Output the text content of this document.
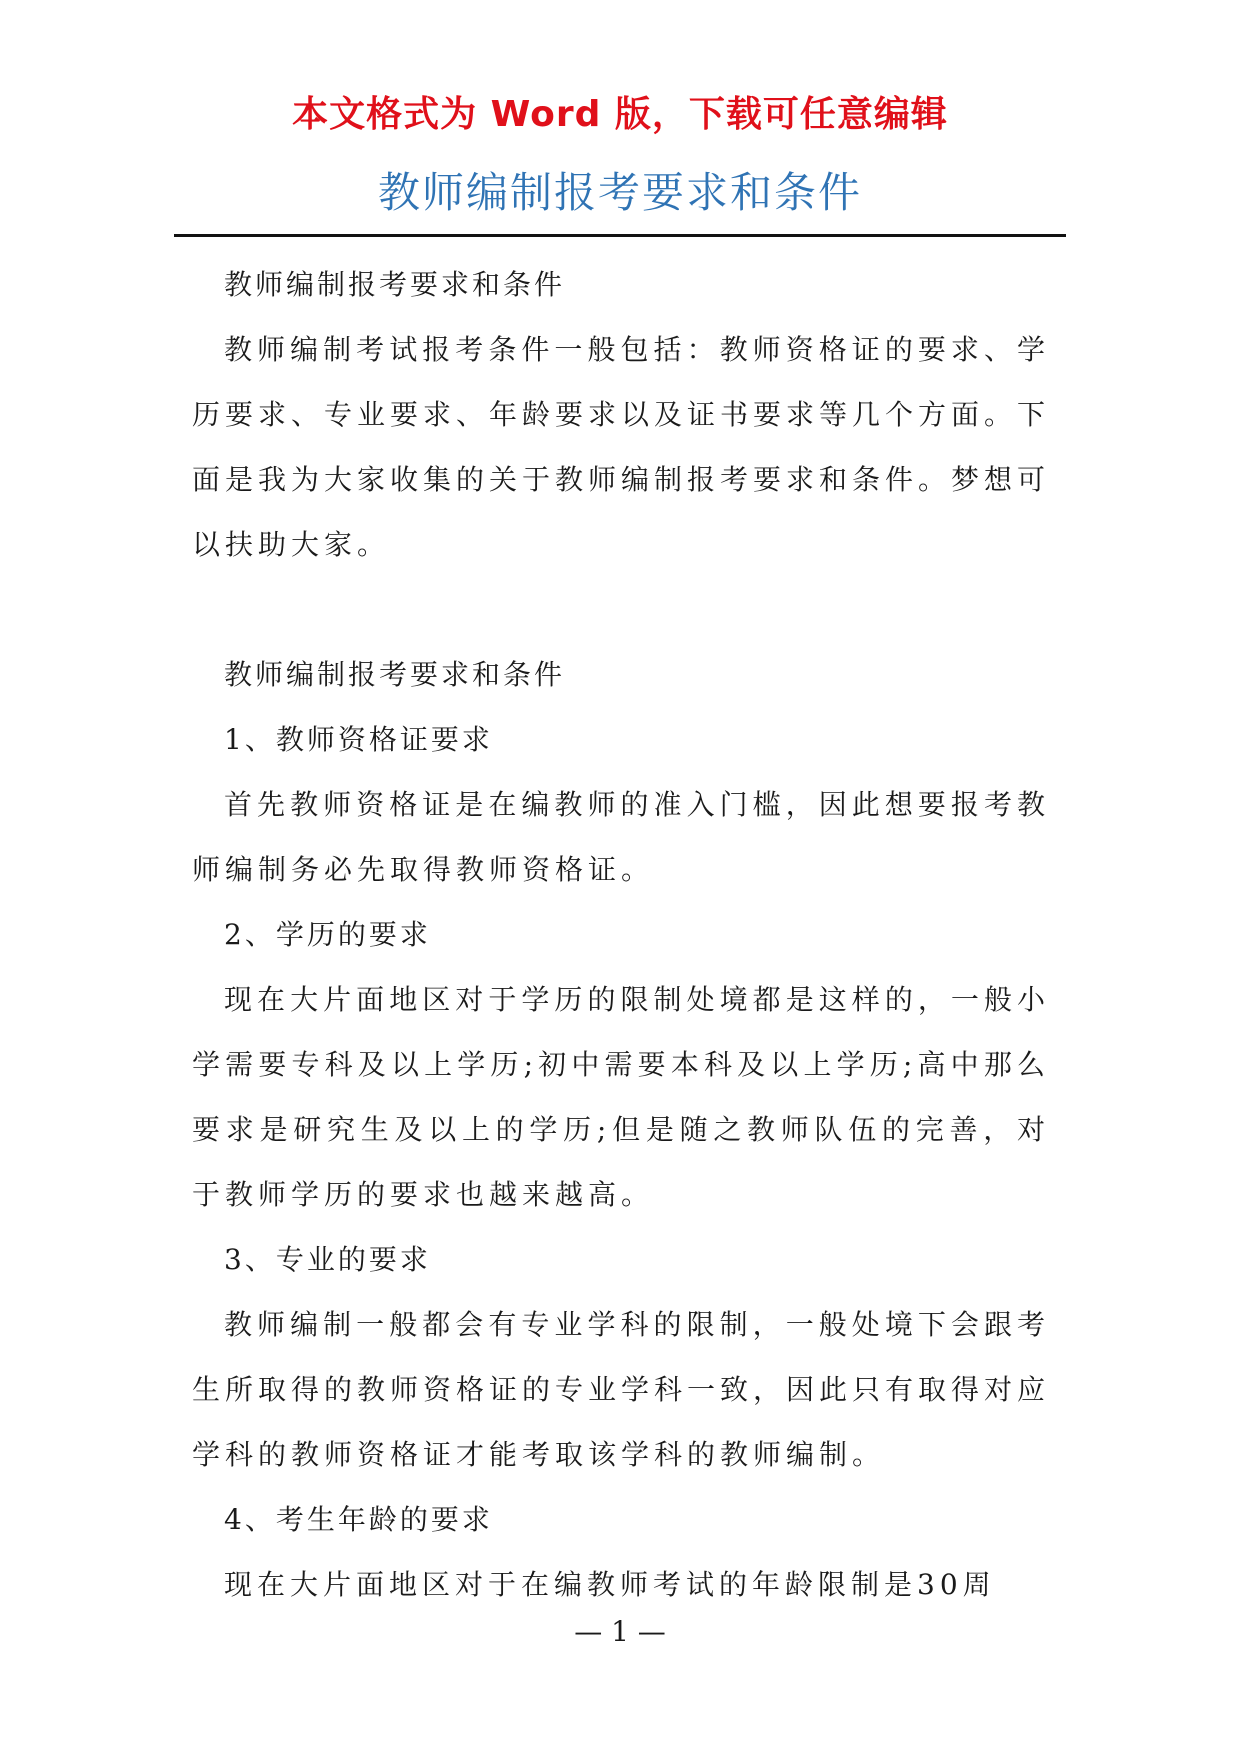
本文格式为 Word 版，下载可任意编辑
教师编制报考要求和条件

教师编制报考要求和条件

教师编制考试报考条件一般包括：教师资格证的要求、学历要求、专业要求、年龄要求以及证书要求等几个方面。下面是我为大家收集的关于教师编制报考要求和条件。梦想可以扶助大家。

教师编制报考要求和条件

1、教师资格证要求

首先教师资格证是在编教师的准入门槛，因此想要报考教师编制务必先取得教师资格证。

2、学历的要求

现在大片面地区对于学历的限制处境都是这样的，一般小学需要专科及以上学历;初中需要本科及以上学历;高中那么要求是研究生及以上的学历;但是随之教师队伍的完善，对于教师学历的要求也越来越高。

3、专业的要求

教师编制一般都会有专业学科的限制，一般处境下会跟考生所取得的教师资格证的专业学科一致，因此只有取得对应学科的教师资格证才能考取该学科的教师编制。

4、考生年龄的要求

现在大片面地区对于在编教师考试的年龄限制是30周

— 1 —
